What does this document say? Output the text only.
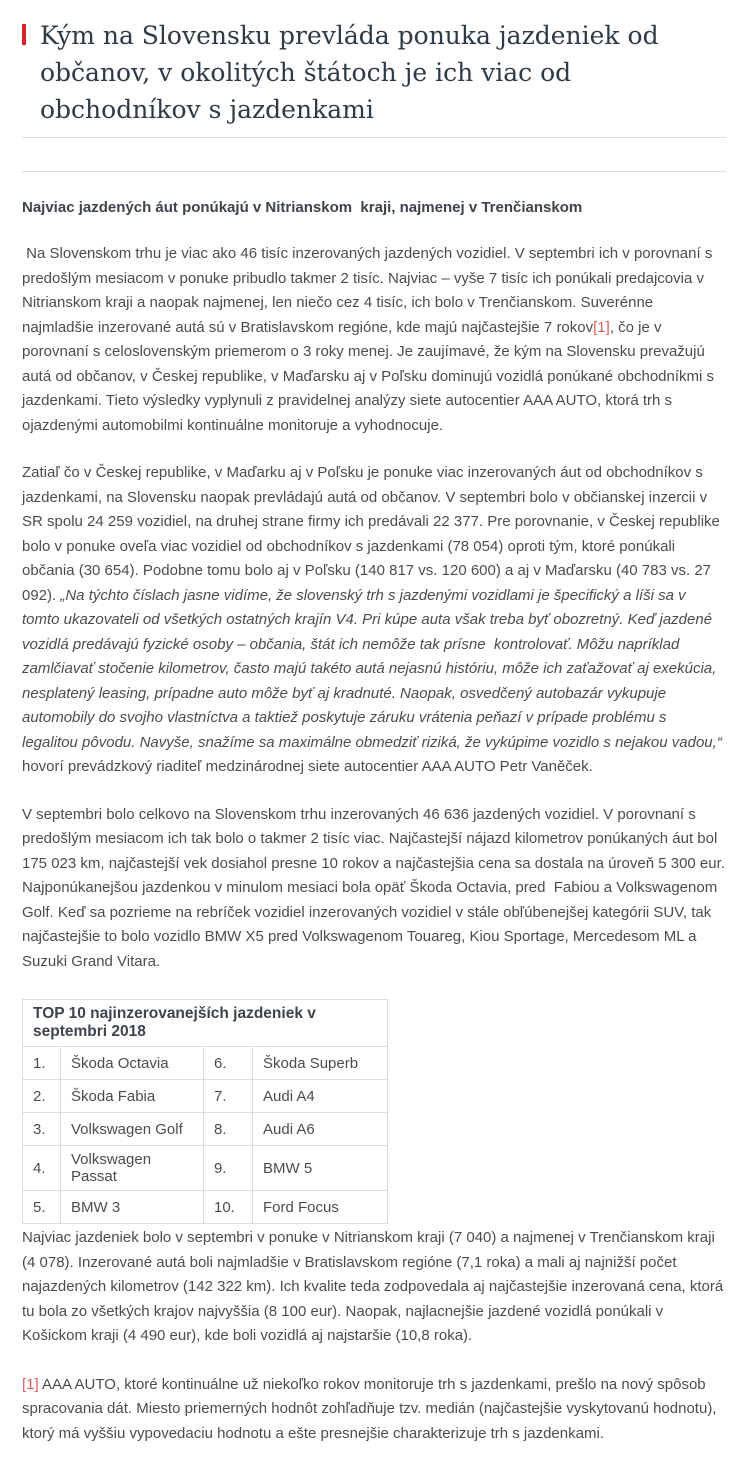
Kým na Slovensku prevláda ponuka jazdeniek od občanov, v okolitých štátoch je ich viac od obchodníkov s jazdenkami
Najviac jazdených áut ponúkajú v Nitrianskom  kraji, najmenej v Trenčianskom

Na Slovenskom trhu je viac ako 46 tisíc inzerovaných jazdených vozidiel. V septembri ich v porovnaní s predošlým mesiacom v ponuke pribudlo takmer 2 tisíc. Najviac – vyše 7 tisíc ich ponúkali predajcovia v Nitrianskom kraji a naopak najmenej, len niečo cez 4 tisíc, ich bolo v Trenčianskom. Suverénne najmladšie inzerované autá sú v Bratislavskom regióne, kde majú najčastejšie 7 rokov[1], čo je v porovnaní s celoslovenským priemerom o 3 roky menej. Je zaujímavé, že kým na Slovensku prevažujú autá od občanov, v Českej republike, v Maďarsku aj v Poľsku dominujú vozidlá ponúkané obchodníkmi s jazdenkami. Tieto výsledky vyplynuli z pravidelnej analýzy siete autocentier AAA AUTO, ktorá trh s ojazdenými automobilmi kontinuálne monitoruje a vyhodnocuje.

Zatiaľ čo v Českej republike, v Maďarku aj v Poľsku je ponuke viac inzerovaných áut od obchodníkov s jazdenkami, na Slovensku naopak prevládajú autá od občanov. V septembri bolo v občianskej inzercii v SR spolu 24 259 vozidiel, na druhej strane firmy ich predávali 22 377. Pre porovnanie, v Českej republike bolo v ponuke oveľa viac vozidiel od obchodníkov s jazdenkami (78 054) oproti tým, ktoré ponúkali občania (30 654). Podobne tomu bolo aj v Poľsku (140 817 vs. 120 600) a aj v Maďarsku (40 783 vs. 27 092). „Na týchto číslach jasne vidíme, že slovenský trh s jazdenými vozidlami je špecifický a líši sa v tomto ukazovateli od všetkých ostatných krajín V4. Pri kúpe auta však treba byť obozretný. Keď jazdené vozidlá predávajú fyzické osoby – občania, štát ich nemôže tak prísne  kontrolovať. Môžu napríklad zamlčiavať stočenie kilometrov, často majú takéto autá nejasnú históriu, môže ich zaťažovať aj exekúcia, nesplatený leasing, prípadne auto môže byť aj kradnuté. Naopak, osvedčený autobazár vykupuje automobily do svojho vlastníctva a taktiež poskytuje záruku vrátenia peňazí v prípade problému s legalitou pôvodu. Navyše, snažíme sa maximálne obmedziť riziká, že vykúpime vozidlo s nejakou vadou,“ hovorí prevádzkový riaditeľ medzinárodnej siete autocentier AAA AUTO Petr Vaněček.

V septembri bolo celkovo na Slovenskom trhu inzerovaných 46 636 jazdených vozidiel. V porovnaní s predošlým mesiacom ich tak bolo o takmer 2 tisíc viac. Najčastejší nájazd kilometrov ponúkaných áut bol 175 023 km, najčastejší vek dosiahol presne 10 rokov a najčastejšia cena sa dostala na úroveň 5 300 eur. Najponúkanejšou jazdenkou v minulom mesiaci bola opäť Škoda Octavia, pred  Fabiou a Volkswagenom Golf. Keď sa pozrieme na rebríček vozidiel inzerovaných vozidiel v stále obľúbenejšej kategórii SUV, tak najčastejšie to bolo vozidlo BMW X5 pred Volkswagenom Touareg, Kiou Sportage, Mercedesom ML a Suzuki Grand Vitara.

TOP 10 najinzerovanejších jazdeniek v septembri 2018			
1.	Škoda Octavia	6.	Škoda Superb
2.	Škoda Fabia	7.	Audi A4
3.	Volkswagen Golf	8.	Audi A6
4.	Volkswagen Passat	9.	BMW 5
5.	BMW 3	10.	Ford Focus

Najviac jazdeniek bolo v septembri v ponuke v Nitrianskom kraji (7 040) a najmenej v Trenčianskom kraji (4 078). Inzerované autá boli najmladšie v Bratislavskom regióne (7,1 roka) a mali aj najnižší počet najazdených kilometrov (142 322 km). Ich kvalite teda zodpovedala aj najčastejšie inzerovaná cena, ktorá tu bola zo všetkých krajov najvyššia (8 100 eur). Naopak, najlacnejšie jazdené vozidlá ponúkali v Košickom kraji (4 490 eur), kde boli vozidlá aj najstaršie (10,8 roka).

[1] AAA AUTO, ktoré kontinuálne už niekoľko rokov monitoruje trh s jazdenkami, prešlo na nový spôsob spracovania dát. Miesto priemerných hodnôt zohľadňuje tzv. medián (najčastejšie vyskytovanú hodnotu), ktorý má vyššiu vypovedaciu hodnotu a ešte presnejšie charakterizuje trh s jazdenkami.
